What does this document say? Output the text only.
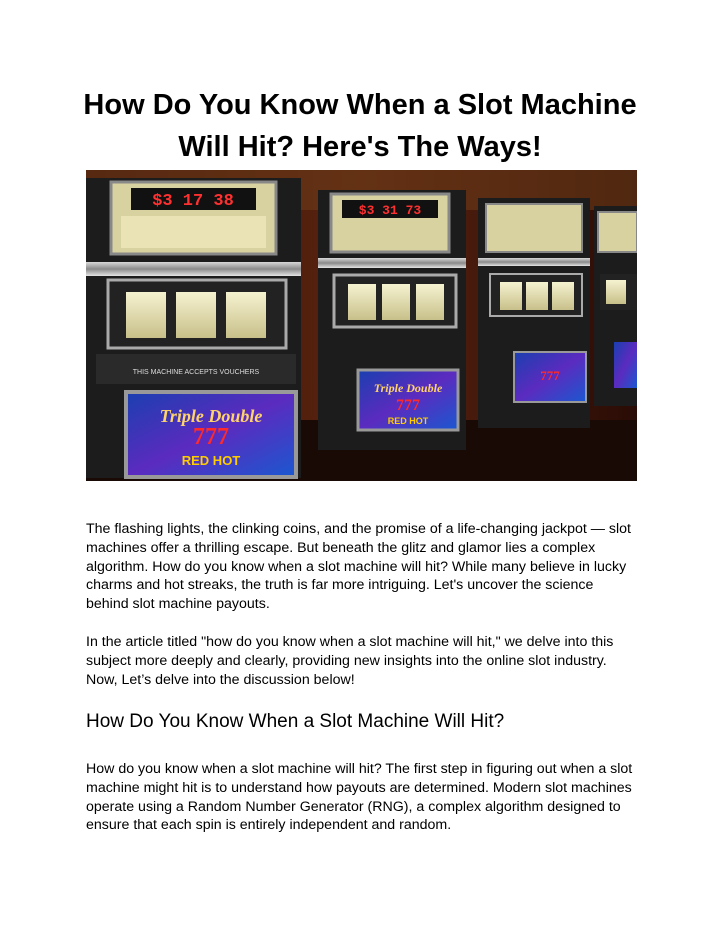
How Do You Know When a Slot Machine Will Hit? Here's The Ways!
$3 17 38
THIS MACHINE ACCEPTS VOUCHERS
Triple Double
777
RED HOT
$3 31 73
Triple Double
777
RED HOT
777

The flashing lights, the clinking coins, and the promise of a life-changing jackpot — slot machines offer a thrilling escape. But beneath the glitz and glamor lies a complex algorithm. How do you know when a slot machine will hit? While many believe in lucky charms and hot streaks, the truth is far more intriguing. Let's uncover the science behind slot machine payouts.

In the article titled "how do you know when a slot machine will hit," we delve into this subject more deeply and clearly, providing new insights into the online slot industry. Now, Let’s delve into the discussion below!

How Do You Know When a Slot Machine Will Hit?

How do you know when a slot machine will hit? The first step in figuring out when a slot machine might hit is to understand how payouts are determined. Modern slot machines operate using a Random Number Generator (RNG), a complex algorithm designed to ensure that each spin is entirely independent and random.
